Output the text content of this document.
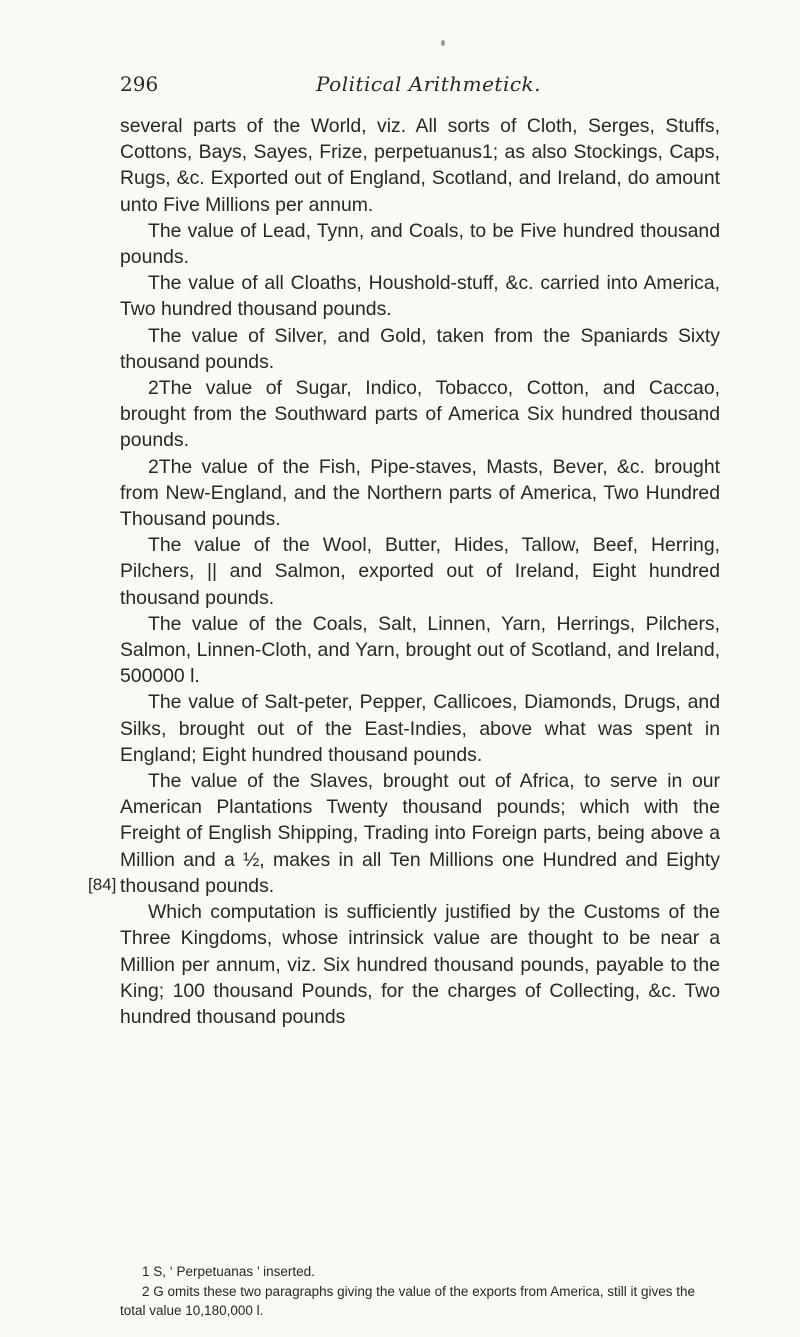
296	Political Arithmetick.
[84]

several parts of the World, viz. All sorts of Cloth, Serges, Stuffs, Cottons, Bays, Sayes, Frize, perpetuanus1; as also Stockings, Caps, Rugs, &c. Exported out of England, Scotland, and Ireland, do amount unto Five Millions per annum.

The value of Lead, Tynn, and Coals, to be Five hundred thousand pounds.

The value of all Cloaths, Houshold-stuff, &c. carried into America, Two hundred thousand pounds.

The value of Silver, and Gold, taken from the Spaniards Sixty thousand pounds.

2The value of Sugar, Indico, Tobacco, Cotton, and Caccao, brought from the Southward parts of America Six hundred thousand pounds.

2The value of the Fish, Pipe-staves, Masts, Bever, &c. brought from New-England, and the Northern parts of America, Two Hundred Thousand pounds.

The value of the Wool, Butter, Hides, Tallow, Beef, Herring, Pilchers, || and Salmon, exported out of Ireland, Eight hundred thousand pounds.

The value of the Coals, Salt, Linnen, Yarn, Herrings, Pilchers, Salmon, Linnen-Cloth, and Yarn, brought out of Scotland, and Ireland, 500000 l.

The value of Salt-peter, Pepper, Callicoes, Diamonds, Drugs, and Silks, brought out of the East-Indies, above what was spent in England; Eight hundred thousand pounds.

The value of the Slaves, brought out of Africa, to serve in our American Plantations Twenty thousand pounds; which with the Freight of English Shipping, Trading into Foreign parts, being above a Million and a ½, makes in all Ten Millions one Hundred and Eighty thousand pounds.

Which computation is sufficiently justified by the Customs of the Three Kingdoms, whose intrinsick value are thought to be near a Million per annum, viz. Six hundred thousand pounds, payable to the King; 100 thousand Pounds, for the charges of Collecting, &c. Two hundred thousand pounds

1 S, ‘ Perpetuanas ’ inserted.

2 G omits these two paragraphs giving the value of the exports from America, still it gives the total value 10,180,000 l.
